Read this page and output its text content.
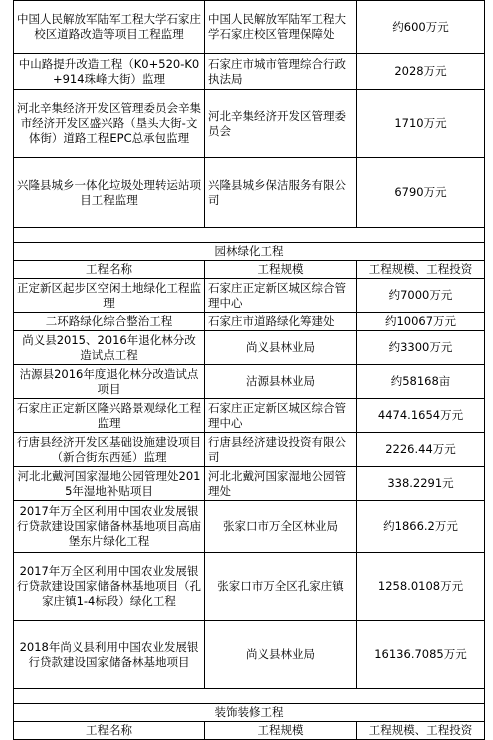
中国人民解放军陆军工程大学石家庄校区道路改造等项目工程监理	中国人民解放军陆军工程大学石家庄校区管理保障处	约600万元
中山路提升改造工程（K0+520-K0+914珠峰大街）监理	石家庄市城市管理综合行政执法局	2028万元
河北辛集经济开发区管理委员会辛集市经济开发区盛兴路（垦头大街-文体街）道路工程EPC总承包监理	河北辛集经济开发区管理委员会	1710万元
兴隆县城乡一体化垃圾处理转运站项目工程监理	兴隆县城乡保洁服务有限公司	6790万元

园林绿化工程		
工程名称	工程规模	工程规模、工程投资
正定新区起步区空闲土地绿化工程监理	石家庄正定新区城区综合管理中心	约7000万元
二环路绿化综合整治工程	石家庄市道路绿化筹建处	约10067万元
尚义县2015、2016年退化林分改造试点工程	尚义县林业局	约3300万元
沽源县2016年度退化林分改造试点项目	沽源县林业局	约58168亩
石家庄正定新区隆兴路景观绿化工程监理	石家庄正定新区城区综合管理中心	4474.1654万元
行唐县经济开发区基础设施建设项目（新合街东西延）监理	行唐县经济建设投资有限公司	2226.44万元
河北北戴河国家湿地公园管理处2015年湿地补贴项目	河北北戴河国家湿地公园管理处	338.2291元
2017年万全区利用中国农业发展银行贷款建设国家储备林基地项目高庙堡东片绿化工程	张家口市万全区林业局	约1866.2万元
2017年万全区利用中国农业发展银行贷款建设国家储备林基地项目（孔家庄镇1-4标段）绿化工程	张家口市万全区孔家庄镇	1258.0108万元
2018年尚义县利用中国农业发展银行贷款建设国家储备林基地项目	尚义县林业局	16136.7085万元

装饰装修工程		
工程名称	工程规模	工程规模、工程投资
